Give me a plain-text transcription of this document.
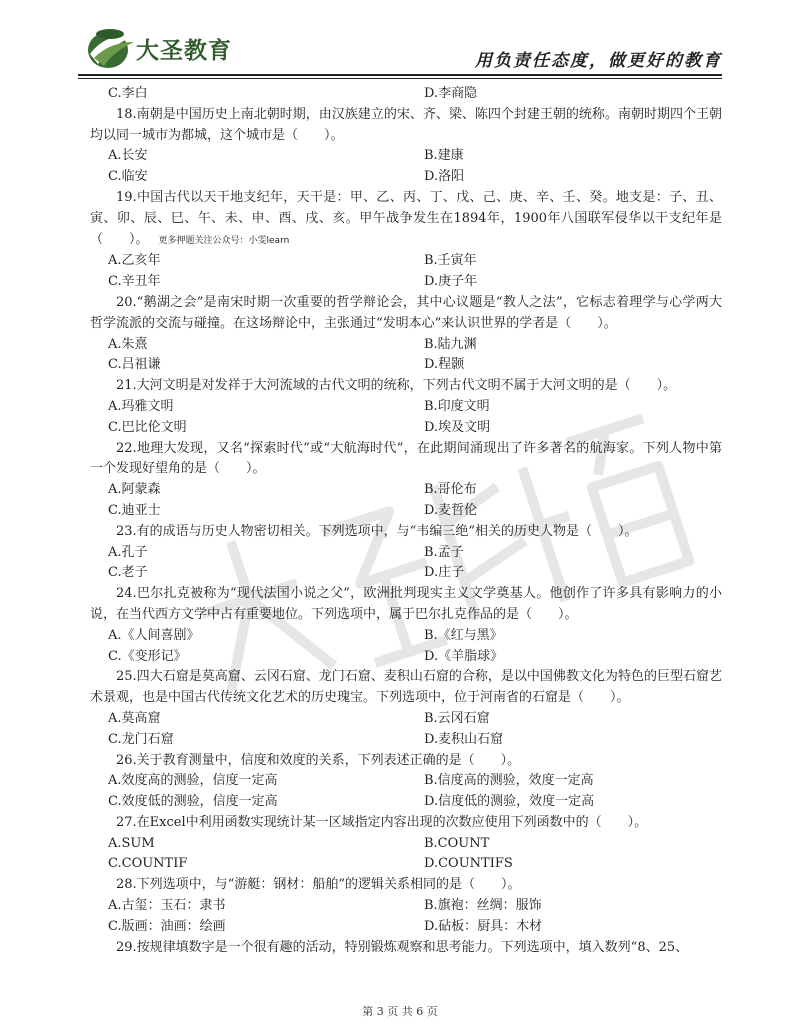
大圣教育	用负责任态度，做更好的教育
C.李白	D.李商隐

18.南朝是中国历史上南北朝时期，由汉族建立的宋、齐、梁、陈四个封建王朝的统称。南朝时期四个王朝均以同一城市为都城，这个城市是（　　）。

A.长安	B.建康
C.临安	D.洛阳

19.中国古代以天干地支纪年，天干是：甲、乙、丙、丁、戊、己、庚、辛、壬、癸。地支是：子、丑、寅、卯、辰、巳、午、未、申、酉、戌、亥。甲午战争发生在1894年，1900年八国联军侵华以干支纪年是（　　）。 更多押题关注公众号：小雯learn

A.乙亥年	B.壬寅年
C.辛丑年	D.庚子年

20.“鹅湖之会”是南宋时期一次重要的哲学辩论会，其中心议题是“教人之法”，它标志着理学与心学两大哲学流派的交流与碰撞。在这场辩论中，主张通过“发明本心”来认识世界的学者是（　　）。

A.朱熹	B.陆九渊
C.吕祖谦	D.程颢

21.大河文明是对发祥于大河流域的古代文明的统称，下列古代文明不属于大河文明的是（　　）。

A.玛雅文明	B.印度文明
C.巴比伦文明	D.埃及文明

22.地理大发现，又名“探索时代”或“大航海时代”，在此期间涌现出了许多著名的航海家。下列人物中第一个发现好望角的是（　　）。

A.阿蒙森	B.哥伦布
C.迪亚士	D.麦哲伦

23.有的成语与历史人物密切相关。下列选项中，与“韦编三绝”相关的历史人物是（　　）。

A.孔子	B.孟子
C.老子	D.庄子

24.巴尔扎克被称为“现代法国小说之父”，欧洲批判现实主义文学奠基人。他创作了许多具有影响力的小说，在当代西方文学中占有重要地位。下列选项中，属于巴尔扎克作品的是（　　）。

A.《人间喜剧》	B.《红与黑》
C.《变形记》	D.《羊脂球》

25.四大石窟是莫高窟、云冈石窟、龙门石窟、麦积山石窟的合称，是以中国佛教文化为特色的巨型石窟艺术景观，也是中国古代传统文化艺术的历史瑰宝。下列选项中，位于河南省的石窟是（　　）。

A.莫高窟	B.云冈石窟
C.龙门石窟	D.麦积山石窟

26.关于教育测量中，信度和效度的关系，下列表述正确的是（　　）。

A.效度高的测验，信度一定高	B.信度高的测验，效度一定高
C.效度低的测验，信度一定高	D.信度低的测验，效度一定高

27.在Excel中利用函数实现统计某一区域指定内容出现的次数应使用下列函数中的（　　）。

A.SUM	B.COUNT
C.COUNTIF	D.COUNTIFS

28.下列选项中，与“游艇：钢材：船舶”的逻辑关系相同的是（　　）。

A.古玺：玉石：隶书	B.旗袍：丝绸：服饰
C.版画：油画：绘画	D.砧板：厨具：木材

29.按规律填数字是一个很有趣的活动，特别锻炼观察和思考能力。下列选项中，填入数列“8、25、

第 3 页 共 6 页
